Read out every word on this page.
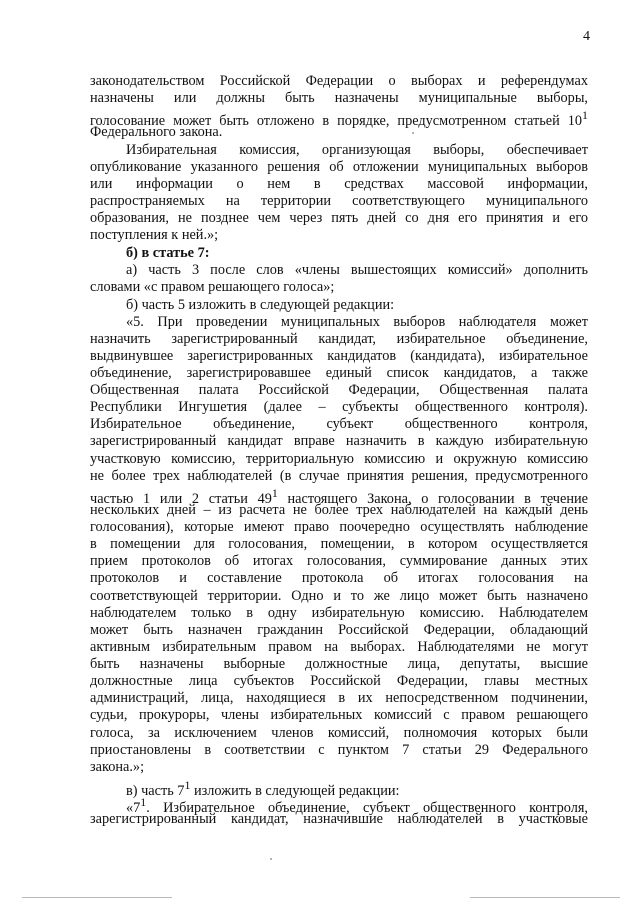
4
законодательством Российской Федерации о выборах и референдумах
назначены или должны быть назначены муниципальные выборы,
голосование может быть отложено в порядке, предусмотренном статьей $10^1$
Федерального закона.
Избирательная комиссия, организующая выборы, обеспечивает
опубликование указанного решения об отложении муниципальных выборов
или информации о нем в средствах массовой информации,
распространяемых на территории соответствующего муниципального
образования, не позднее чем через пять дней со дня его принятия и его
поступления к ней.»;
б) в статье 7:
а) часть 3 после слов «члены вышестоящих комиссий» дополнить
словами «с правом решающего голоса»;
б) часть 5 изложить в следующей редакции:
«5. При проведении муниципальных выборов наблюдателя может
назначить зарегистрированный кандидат, избирательное объединение,
выдвинувшее зарегистрированных кандидатов (кандидата), избирательное
объединение, зарегистрировавшее единый список кандидатов, а также
Общественная палата Российской Федерации, Общественная палата
Республики Ингушетия (далее – субъекты общественного контроля).
Избирательное объединение, субъект общественного контроля,
зарегистрированный кандидат вправе назначить в каждую избирательную
участковую комиссию, территориальную комиссию и окружную комиссию
не более трех наблюдателей (в случае принятия решения, предусмотренного
частью 1 или 2 статьи $49^1$ настоящего Закона, о голосовании в течение
нескольких дней – из расчета не более трех наблюдателей на каждый день
голосования), которые имеют право поочередно осуществлять наблюдение
в помещении для голосования, помещении, в котором осуществляется
прием протоколов об итогах голосования, суммирование данных этих
протоколов и составление протокола об итогах голосования на
соответствующей территории. Одно и то же лицо может быть назначено
наблюдателем только в одну избирательную комиссию. Наблюдателем
может быть назначен гражданин Российской Федерации, обладающий
активным избирательным правом на выборах. Наблюдателями не могут
быть назначены выборные должностные лица, депутаты, высшие
должностные лица субъектов Российской Федерации, главы местных
администраций, лица, находящиеся в их непосредственном подчинении,
судьи, прокуроры, члены избирательных комиссий с правом решающего
голоса, за исключением членов комиссий, полномочия которых были
приостановлены в соответствии с пунктом 7 статьи 29 Федерального
закона.»;
в) часть $7^1$ изложить в следующей редакции:
«$7^1$. Избирательное объединение, субъект общественного контроля,
зарегистрированный кандидат, назначившие наблюдателей в участковые
